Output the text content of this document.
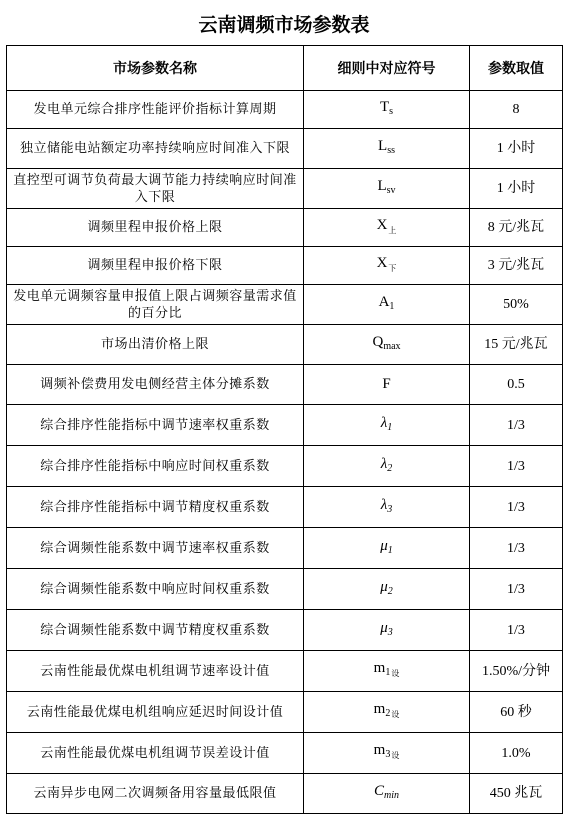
云南调频市场参数表
市场参数名称	细则中对应符号	参数取值
发电单元综合排序性能评价指标计算周期	$T_s$	8
独立储能电站额定功率持续响应时间准入下限	$L_{ss}$	1 小时
直控型可调节负荷最大调节能力持续响应时间准入下限	$L_{sv}$	1 小时
调频里程申报价格上限	$X_上$	8 元/兆瓦
调频里程申报价格下限	$X_下$	3 元/兆瓦
发电单元调频容量申报值上限占调频容量需求值的百分比	$A_1$	50%
市场出清价格上限	$Q_{max}$	15 元/兆瓦
调频补偿费用发电侧经营主体分摊系数	F	0.5
综合排序性能指标中调节速率权重系数	$\lambda_1$	1/3
综合排序性能指标中响应时间权重系数	$\lambda_2$	1/3
综合排序性能指标中调节精度权重系数	$\lambda_3$	1/3
综合调频性能系数中调节速率权重系数	$\mu_1$	1/3
综合调频性能系数中响应时间权重系数	$\mu_2$	1/3
综合调频性能系数中调节精度权重系数	$\mu_3$	1/3
云南性能最优煤电机组调节速率设计值	$m_{1设}$	1.50%/分钟
云南性能最优煤电机组响应延迟时间设计值	$m_{2设}$	60 秒
云南性能最优煤电机组调节误差设计值	$m_{3设}$	1.0%
云南异步电网二次调频备用容量最低限值	$C_{min}$	450 兆瓦
